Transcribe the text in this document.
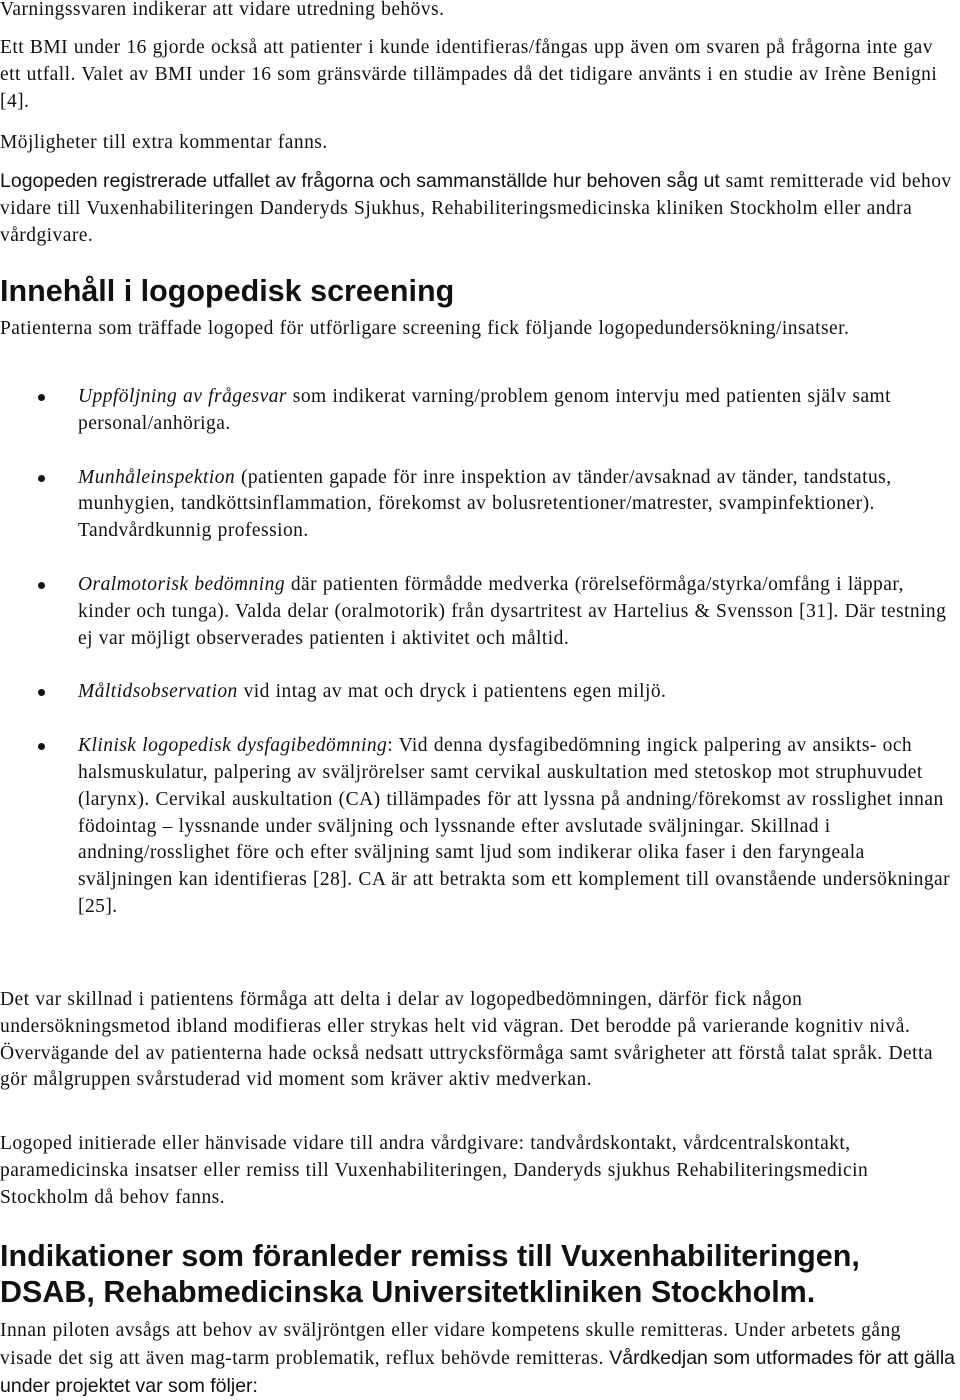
Varningssvaren indikerar att vidare utredning behövs.

Ett BMI under 16 gjorde också att patienter i kunde identifieras/fångas upp även om svaren på frågorna inte gav ett utfall. Valet av BMI under 16 som gränsvärde tillämpades då det tidigare använts i en studie av Irène Benigni [4].

Möjligheter till extra kommentar fanns.

Logopeden registrerade utfallet av frågorna och sammanställde hur behoven såg ut samt remitterade vid behov vidare till Vuxenhabiliteringen Danderyds Sjukhus, Rehabiliteringsmedicinska kliniken Stockholm eller andra vårdgivare.

Innehåll i logopedisk screening

Patienterna som träffade logoped för utförligare screening fick följande logopedundersökning/insatser.

Uppföljning av frågesvar som indikerat varning/problem genom intervju med patienten själv samt personal/anhöriga.
Munhåleinspektion (patienten gapade för inre inspektion av tänder/avsaknad av tänder, tandstatus, munhygien, tandköttsinflammation, förekomst av bolusretentioner/matrester, svampinfektioner). Tandvårdkunnig profession.
Oralmotorisk bedömning där patienten förmådde medverka (rörelseförmåga/styrka/omfång i läppar, kinder och tunga). Valda delar (oralmotorik) från dysartritest av Hartelius & Svensson [31]. Där testning ej var möjligt observerades patienten i aktivitet och måltid.
Måltidsobservation vid intag av mat och dryck i patientens egen miljö.
Klinisk logopedisk dysfagibedömning: Vid denna dysfagibedömning ingick palpering av ansikts- och halsmuskulatur, palpering av sväljrörelser samt cervikal auskultation med stetoskop mot struphuvudet (larynx). Cervikal auskultation (CA) tillämpades för att lyssna på andning/förekomst av rosslighet innan födointag – lyssnande under sväljning och lyssnande efter avslutade sväljningar. Skillnad i andning/rosslighet före och efter sväljning samt ljud som indikerar olika faser i den faryngeala sväljningen kan identifieras [28]. CA är att betrakta som ett komplement till ovanstående undersökningar [25].

Det var skillnad i patientens förmåga att delta i delar av logopedbedömningen, därför fick någon undersökningsmetod ibland modifieras eller strykas helt vid vägran. Det berodde på varierande kognitiv nivå. Övervägande del av patienterna hade också nedsatt uttrycksförmåga samt svårigheter att förstå talat språk. Detta gör målgruppen svårstuderad vid moment som kräver aktiv medverkan.

Logoped initierade eller hänvisade vidare till andra vårdgivare: tandvårdskontakt, vårdcentralskontakt, paramedicinska insatser eller remiss till Vuxenhabiliteringen, Danderyds sjukhus Rehabiliteringsmedicin Stockholm då behov fanns.

Indikationer som föranleder remiss till Vuxenhabiliteringen, DSAB, Rehabmedicinska Universitetkliniken Stockholm.

Innan piloten avsågs att behov av sväljröntgen eller vidare kompetens skulle remitteras. Under arbetets gång visade det sig att även mag-tarm problematik, reflux behövde remitteras. Vårdkedjan som utformades för att gälla under projektet var som följer:
